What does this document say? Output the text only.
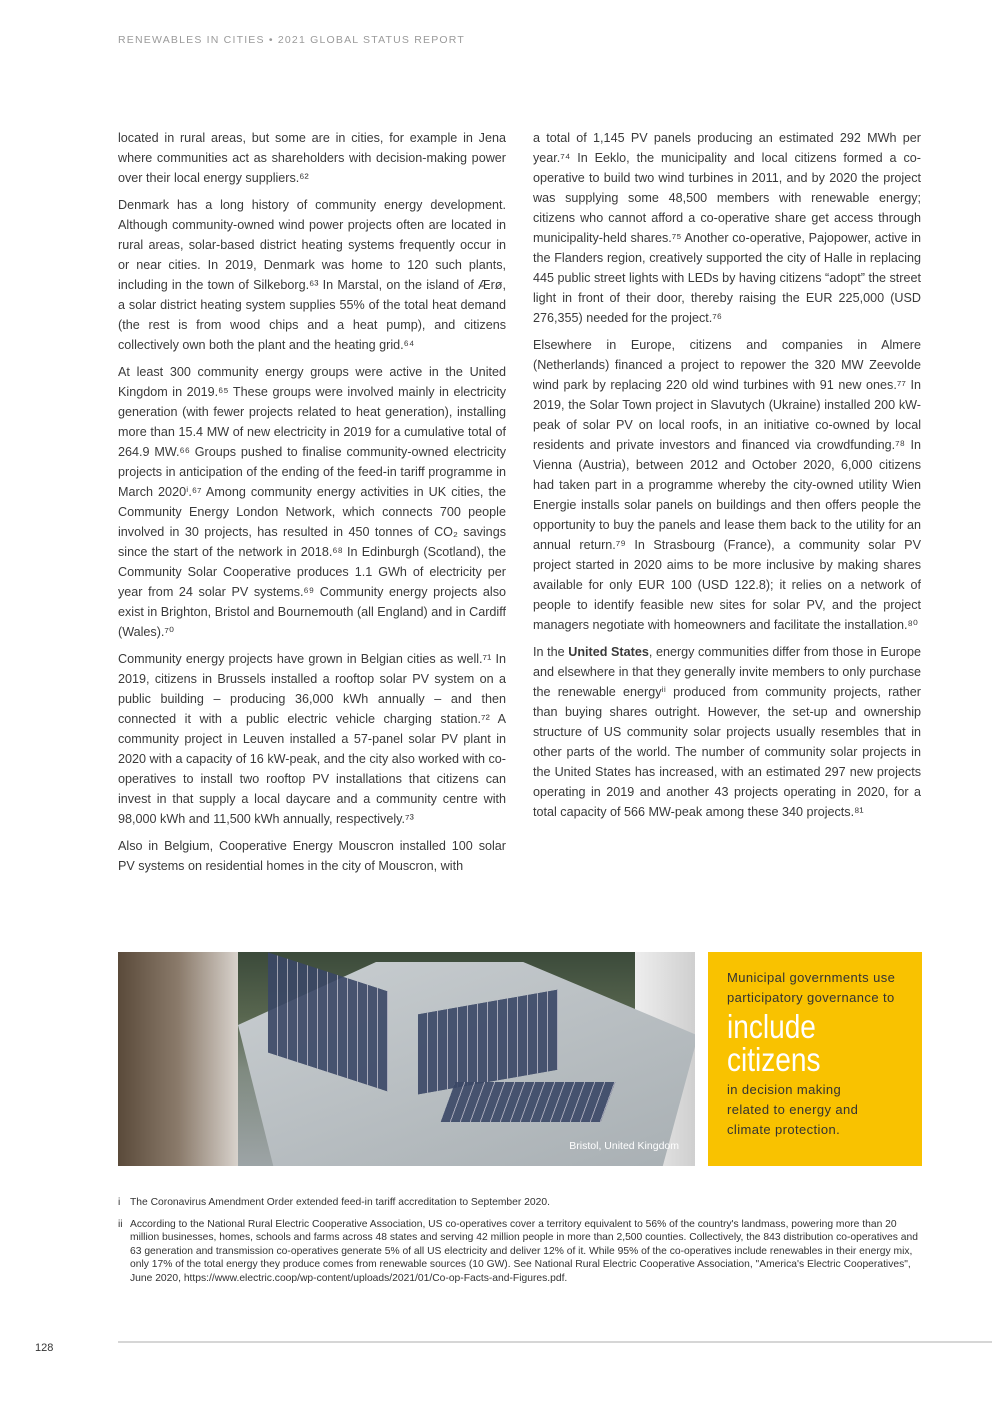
RENEWABLES IN CITIES • 2021 GLOBAL STATUS REPORT

located in rural areas, but some are in cities, for example in Jena where communities act as shareholders with decision-making power over their local energy suppliers.⁶²

Denmark has a long history of community energy development. Although community-owned wind power projects often are located in rural areas, solar-based district heating systems frequently occur in or near cities. In 2019, Denmark was home to 120 such plants, including in the town of Silkeborg.⁶³ In Marstal, on the island of Ærø, a solar district heating system supplies 55% of the total heat demand (the rest is from wood chips and a heat pump), and citizens collectively own both the plant and the heating grid.⁶⁴

At least 300 community energy groups were active in the United Kingdom in 2019.⁶⁵ These groups were involved mainly in electricity generation (with fewer projects related to heat generation), installing more than 15.4 MW of new electricity in 2019 for a cumulative total of 264.9 MW.⁶⁶ Groups pushed to finalise community-owned electricity projects in anticipation of the ending of the feed-in tariff programme in March 2020ⁱ.⁶⁷ Among community energy activities in UK cities, the Community Energy London Network, which connects 700 people involved in 30 projects, has resulted in 450 tonnes of CO₂ savings since the start of the network in 2018.⁶⁸ In Edinburgh (Scotland), the Community Solar Cooperative produces 1.1 GWh of electricity per year from 24 solar PV systems.⁶⁹ Community energy projects also exist in Brighton, Bristol and Bournemouth (all England) and in Cardiff (Wales).⁷⁰

Community energy projects have grown in Belgian cities as well.⁷¹ In 2019, citizens in Brussels installed a rooftop solar PV system on a public building – producing 36,000 kWh annually – and then connected it with a public electric vehicle charging station.⁷² A community project in Leuven installed a 57-panel solar PV plant in 2020 with a capacity of 16 kW-peak, and the city also worked with co-operatives to install two rooftop PV installations that citizens can invest in that supply a local daycare and a community centre with 98,000 kWh and 11,500 kWh annually, respectively.⁷³

Also in Belgium, Cooperative Energy Mouscron installed 100 solar PV systems on residential homes in the city of Mouscron, with

a total of 1,145 PV panels producing an estimated 292 MWh per year.⁷⁴ In Eeklo, the municipality and local citizens formed a co-operative to build two wind turbines in 2011, and by 2020 the project was supplying some 48,500 members with renewable energy; citizens who cannot afford a co-operative share get access through municipality-held shares.⁷⁵ Another co-operative, Pajopower, active in the Flanders region, creatively supported the city of Halle in replacing 445 public street lights with LEDs by having citizens “adopt” the street light in front of their door, thereby raising the EUR 225,000 (USD 276,355) needed for the project.⁷⁶

Elsewhere in Europe, citizens and companies in Almere (Netherlands) financed a project to repower the 320 MW Zeevolde wind park by replacing 220 old wind turbines with 91 new ones.⁷⁷ In 2019, the Solar Town project in Slavutych (Ukraine) installed 200 kW-peak of solar PV on local roofs, in an initiative co-owned by local residents and private investors and financed via crowdfunding.⁷⁸ In Vienna (Austria), between 2012 and October 2020, 6,000 citizens had taken part in a programme whereby the city-owned utility Wien Energie installs solar panels on buildings and then offers people the opportunity to buy the panels and lease them back to the utility for an annual return.⁷⁹ In Strasbourg (France), a community solar PV project started in 2020 aims to be more inclusive by making shares available for only EUR 100 (USD 122.8); it relies on a network of people to identify feasible new sites for solar PV, and the project managers negotiate with homeowners and facilitate the installation.⁸⁰

In the United States, energy communities differ from those in Europe and elsewhere in that they generally invite members to only purchase the renewable energyⁱⁱ produced from community projects, rather than buying shares outright. However, the set-up and ownership structure of US community solar projects usually resembles that in other parts of the world. The number of community solar projects in the United States has increased, with an estimated 297 new projects operating in 2019 and another 43 projects operating in 2020, for a total capacity of 566 MW-peak among these 340 projects.⁸¹

Bristol, United Kingdom
Municipal governments use participatory governance to
include
citizens
in decision making related to energy and climate protection.
i The Coronavirus Amendment Order extended feed-in tariff accreditation to September 2020.
ii According to the National Rural Electric Cooperative Association, US co-operatives cover a territory equivalent to 56% of the country's landmass, powering more than 20 million businesses, homes, schools and farms across 48 states and serving 42 million people in more than 2,500 counties. Collectively, the 843 distribution co-operatives and 63 generation and transmission co-operatives generate 5% of all US electricity and deliver 12% of it. While 95% of the co-operatives include renewables in their energy mix, only 17% of the total energy they produce comes from renewable sources (10 GW). See National Rural Electric Cooperative Association, "America's Electric Cooperatives", June 2020, https://www.electric.coop/wp-content/uploads/2021/01/Co-op-Facts-and-Figures.pdf.
128
